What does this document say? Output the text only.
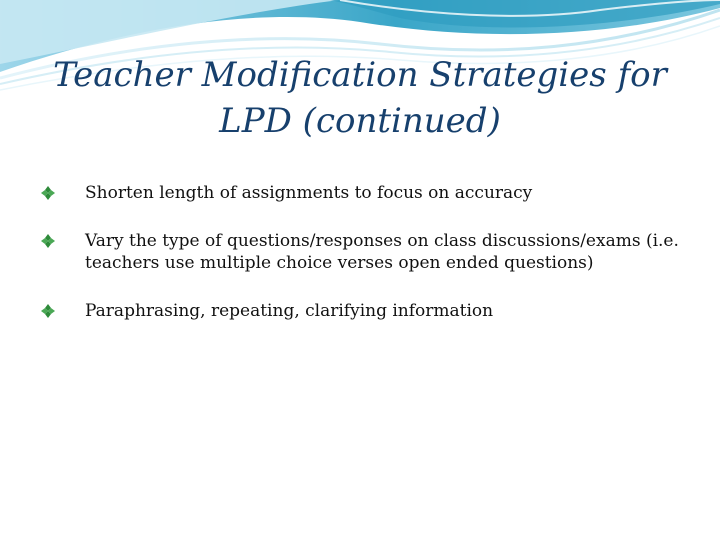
Teacher Modification Strategies for LPD (continued)
Shorten length of assignments to focus on accuracy
Vary the type of questions/responses on class discussions/exams (i.e. teachers use multiple choice verses open ended questions)
Paraphrasing, repeating, clarifying information
